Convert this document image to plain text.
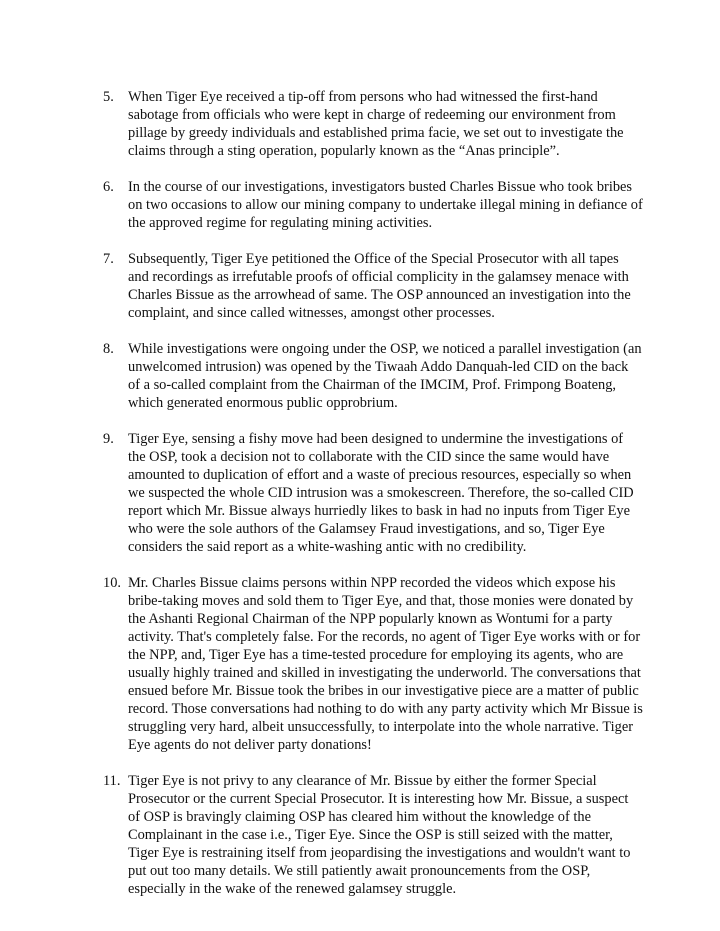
5. When Tiger Eye received a tip-off from persons who had witnessed the first-hand sabotage from officials who were kept in charge of redeeming our environment from pillage by greedy individuals and established prima facie, we set out to investigate the claims through a sting operation, popularly known as the “Anas principle”.
6. In the course of our investigations, investigators busted Charles Bissue who took bribes on two occasions to allow our mining company to undertake illegal mining in defiance of the approved regime for regulating mining activities.
7. Subsequently, Tiger Eye petitioned the Office of the Special Prosecutor with all tapes and recordings as irrefutable proofs of official complicity in the galamsey menace with Charles Bissue as the arrowhead of same. The OSP announced an investigation into the complaint, and since called witnesses, amongst other processes.
8. While investigations were ongoing under the OSP, we noticed a parallel investigation (an unwelcomed intrusion) was opened by the Tiwaah Addo Danquah-led CID on the back of a so-called complaint from the Chairman of the IMCIM, Prof. Frimpong Boateng, which generated enormous public opprobrium.
9. Tiger Eye, sensing a fishy move had been designed to undermine the investigations of the OSP, took a decision not to collaborate with the CID since the same would have amounted to duplication of effort and a waste of precious resources, especially so when we suspected the whole CID intrusion was a smokescreen. Therefore, the so-called CID report which Mr. Bissue always hurriedly likes to bask in had no inputs from Tiger Eye who were the sole authors of the Galamsey Fraud investigations, and so, Tiger Eye considers the said report as a white-washing antic with no credibility.
10. Mr. Charles Bissue claims persons within NPP recorded the videos which expose his bribe-taking moves and sold them to Tiger Eye, and that, those monies were donated by the Ashanti Regional Chairman of the NPP popularly known as Wontumi for a party activity. That's completely false. For the records, no agent of Tiger Eye works with or for the NPP, and, Tiger Eye has a time-tested procedure for employing its agents, who are usually highly trained and skilled in investigating the underworld. The conversations that ensued before Mr. Bissue took the bribes in our investigative piece are a matter of public record. Those conversations had nothing to do with any party activity which Mr Bissue is struggling very hard, albeit unsuccessfully, to interpolate into the whole narrative. Tiger Eye agents do not deliver party donations!
11. Tiger Eye is not privy to any clearance of Mr. Bissue by either the former Special Prosecutor or the current Special Prosecutor. It is interesting how Mr. Bissue, a suspect of OSP is bravingly claiming OSP has cleared him without the knowledge of the Complainant in the case i.e., Tiger Eye. Since the OSP is still seized with the matter, Tiger Eye is restraining itself from jeopardising the investigations and wouldn't want to put out too many details. We still patiently await pronouncements from the OSP, especially in the wake of the renewed galamsey struggle.
